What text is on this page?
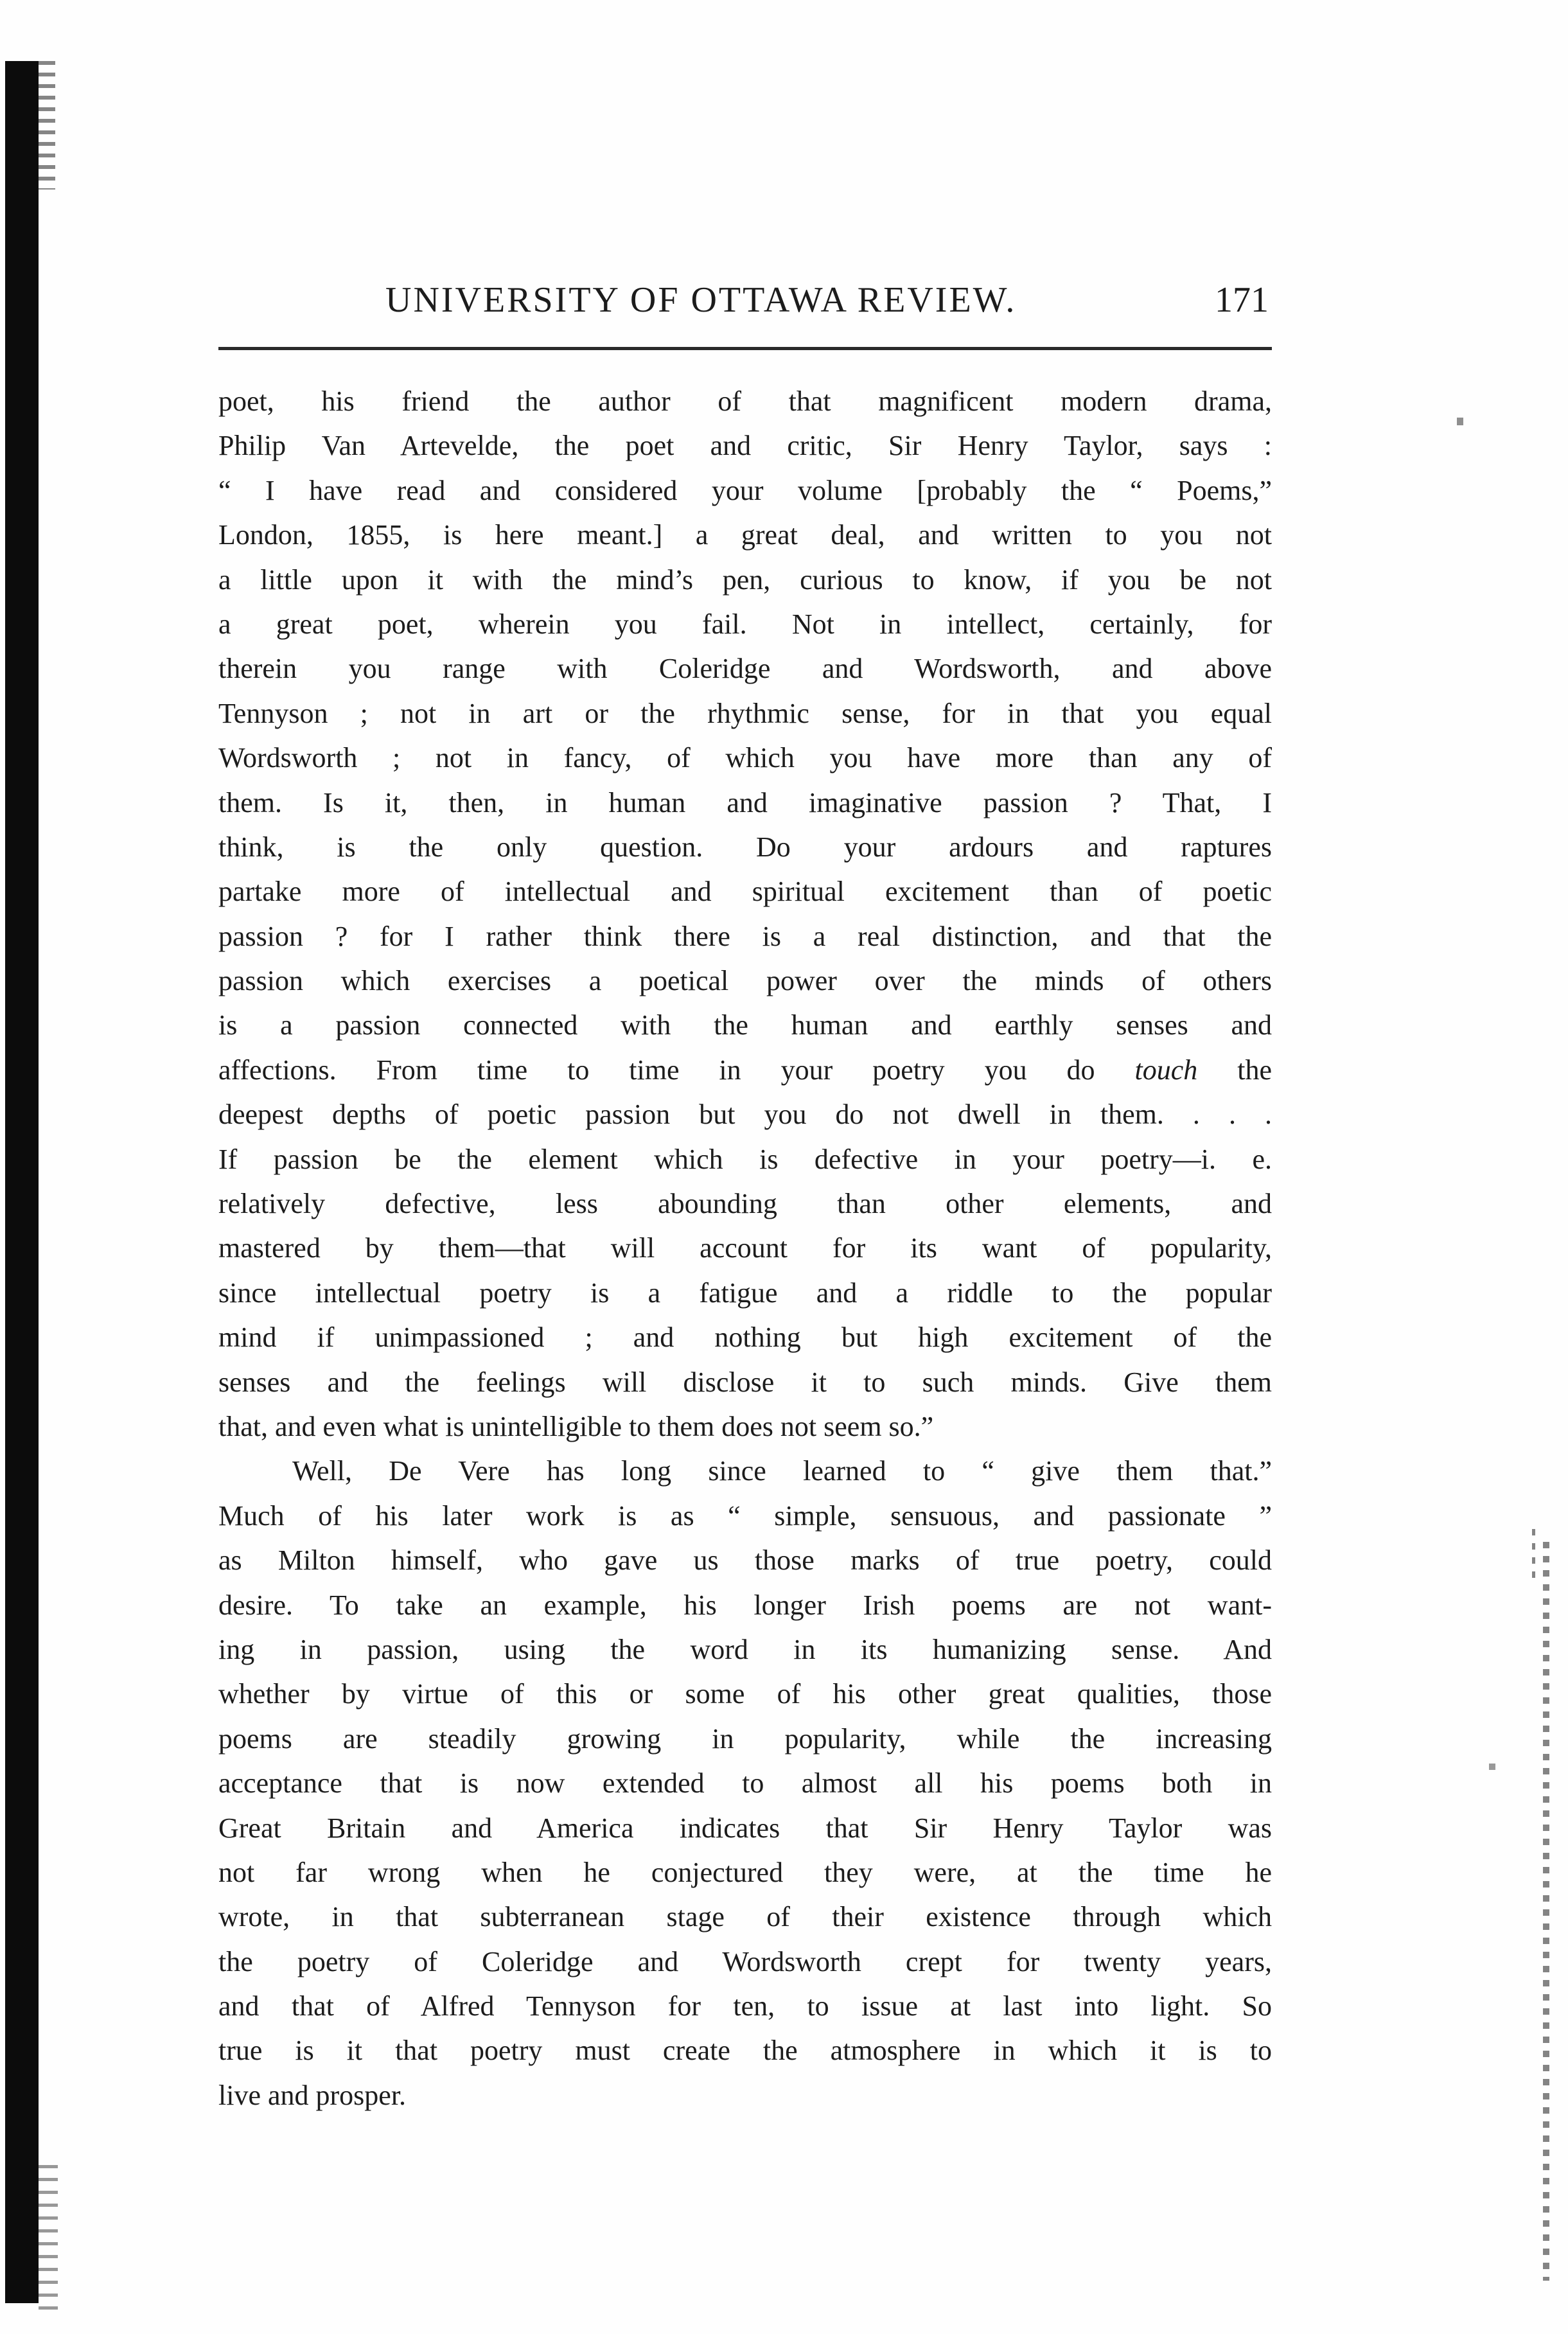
UNIVERSITY OF OTTAWA REVIEW.	171
poet, his friend the author of that magnificent modern drama,
Philip Van Artevelde, the poet and critic, Sir Henry Taylor, says :
“ I have read and considered your volume [probably the “ Poems,”
London, 1855, is here meant.] a great deal, and written to you not
a little upon it with the mind’s pen, curious to know, if you be not
a great poet, wherein you fail. Not in intellect, certainly, for
therein you range with Coleridge and Wordsworth, and above
Tennyson ; not in art or the rhythmic sense, for in that you equal
Wordsworth ; not in fancy, of which you have more than any of
them. Is it, then, in human and imaginative passion ? That, I
think, is the only question. Do your ardours and raptures
partake more of intellectual and spiritual excitement than of poetic
passion ? for I rather think there is a real distinction, and that the
passion which exercises a poetical power over the minds of others
is a passion connected with the human and earthly senses and
affections. From time to time in your poetry you do touch the
deepest depths of poetic passion but you do not dwell in them. . . .
If passion be the element which is defective in your poetry—i. e.
relatively defective, less abounding than other elements, and
mastered by them—that will account for its want of popularity,
since intellectual poetry is a fatigue and a riddle to the popular
mind if unimpassioned ; and nothing but high excitement of the
senses and the feelings will disclose it to such minds. Give them
that, and even what is unintelligible to them does not seem so.”
Well, De Vere has long since learned to “ give them that.”
Much of his later work is as “ simple, sensuous, and passionate ”
as Milton himself, who gave us those marks of true poetry, could
desire. To take an example, his longer Irish poems are not want-
ing in passion, using the word in its humanizing sense. And
whether by virtue of this or some of his other great qualities, those
poems are steadily growing in popularity, while the increasing
acceptance that is now extended to almost all his poems both in
Great Britain and America indicates that Sir Henry Taylor was
not far wrong when he conjectured they were, at the time he
wrote, in that subterranean stage of their existence through which
the poetry of Coleridge and Wordsworth crept for twenty years,
and that of Alfred Tennyson for ten, to issue at last into light. So
true is it that poetry must create the atmosphere in which it is to
live and prosper.
